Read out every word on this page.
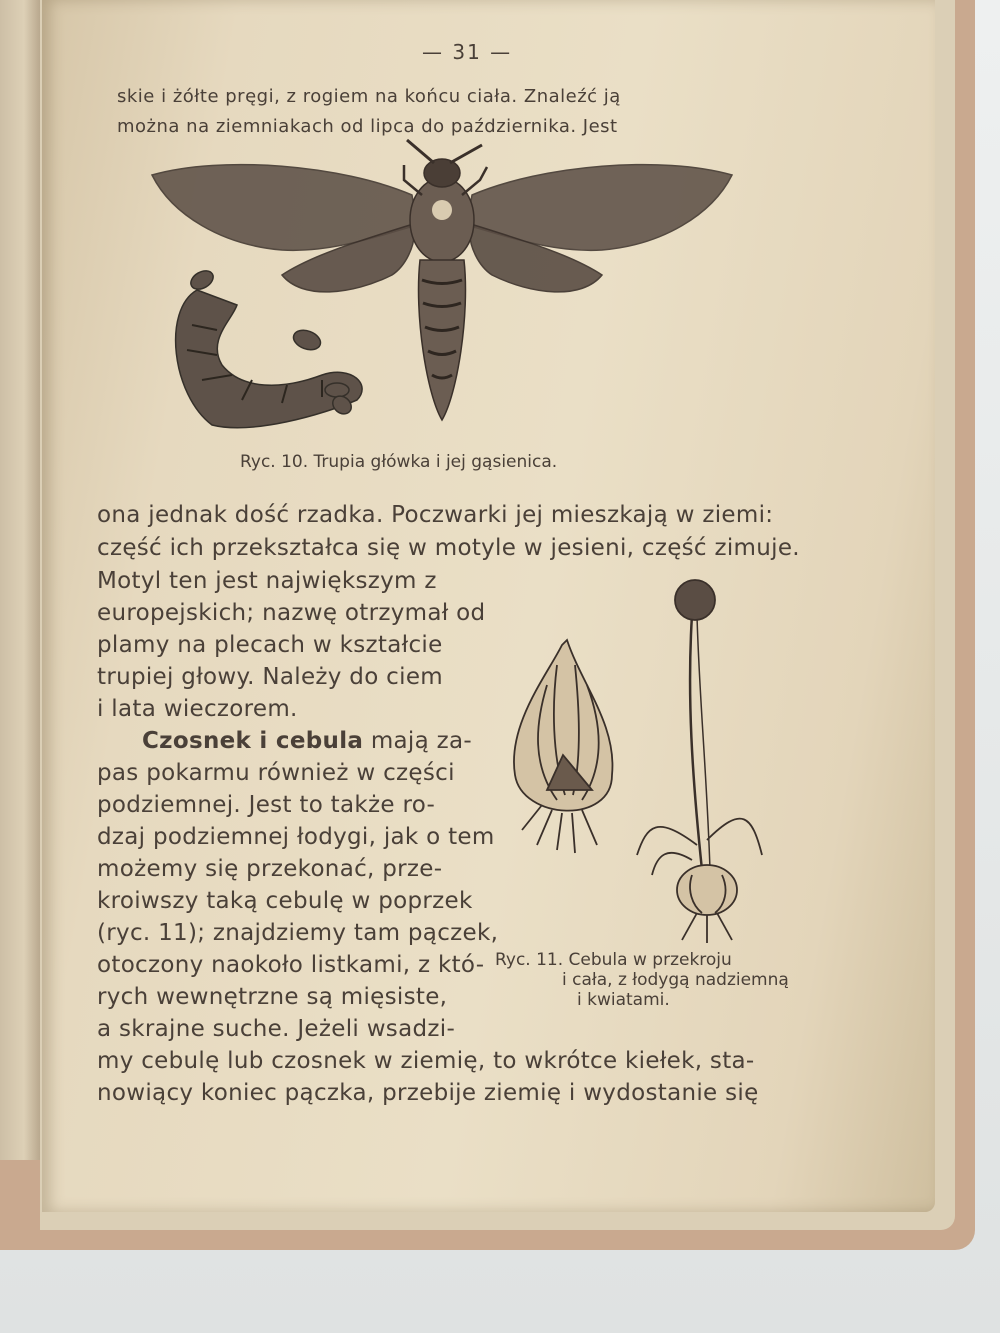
— 31 —
skie i żółte pręgi, z rogiem na końcu ciała. Znaleźć ją
można na ziemniakach od lipca do października. Jest
Ryc. 10. Trupia główka i jej gąsienica.
ona jednak dość rzadka. Poczwarki jej mieszkają w ziemi:
część ich przekształca się w motyle w jesieni, część zimuje.
Motyl ten jest największym z
europejskich; nazwę otrzymał od
plamy na plecach w kształcie
trupiej głowy. Należy do ciem
i lata wieczorem.
Czosnek i cebula mają za-
pas pokarmu również w części
podziemnej. Jest to także ro-
dzaj podziemnej łodygi, jak o tem
możemy się przekonać, prze-
kroiwszy taką cebulę w poprzek
(ryc. 11); znajdziemy tam pączek,
otoczony naokoło listkami, z któ-
rych wewnętrzne są mięsiste,
a skrajne suche. Jeżeli wsadzi-
Ryc. 11. Cebula w przekroju
i cała, z łodygą nadziemną
i kwiatami.
my cebulę lub czosnek w ziemię, to wkrótce kiełek, sta-
nowiący koniec pączka, przebije ziemię i wydostanie się
